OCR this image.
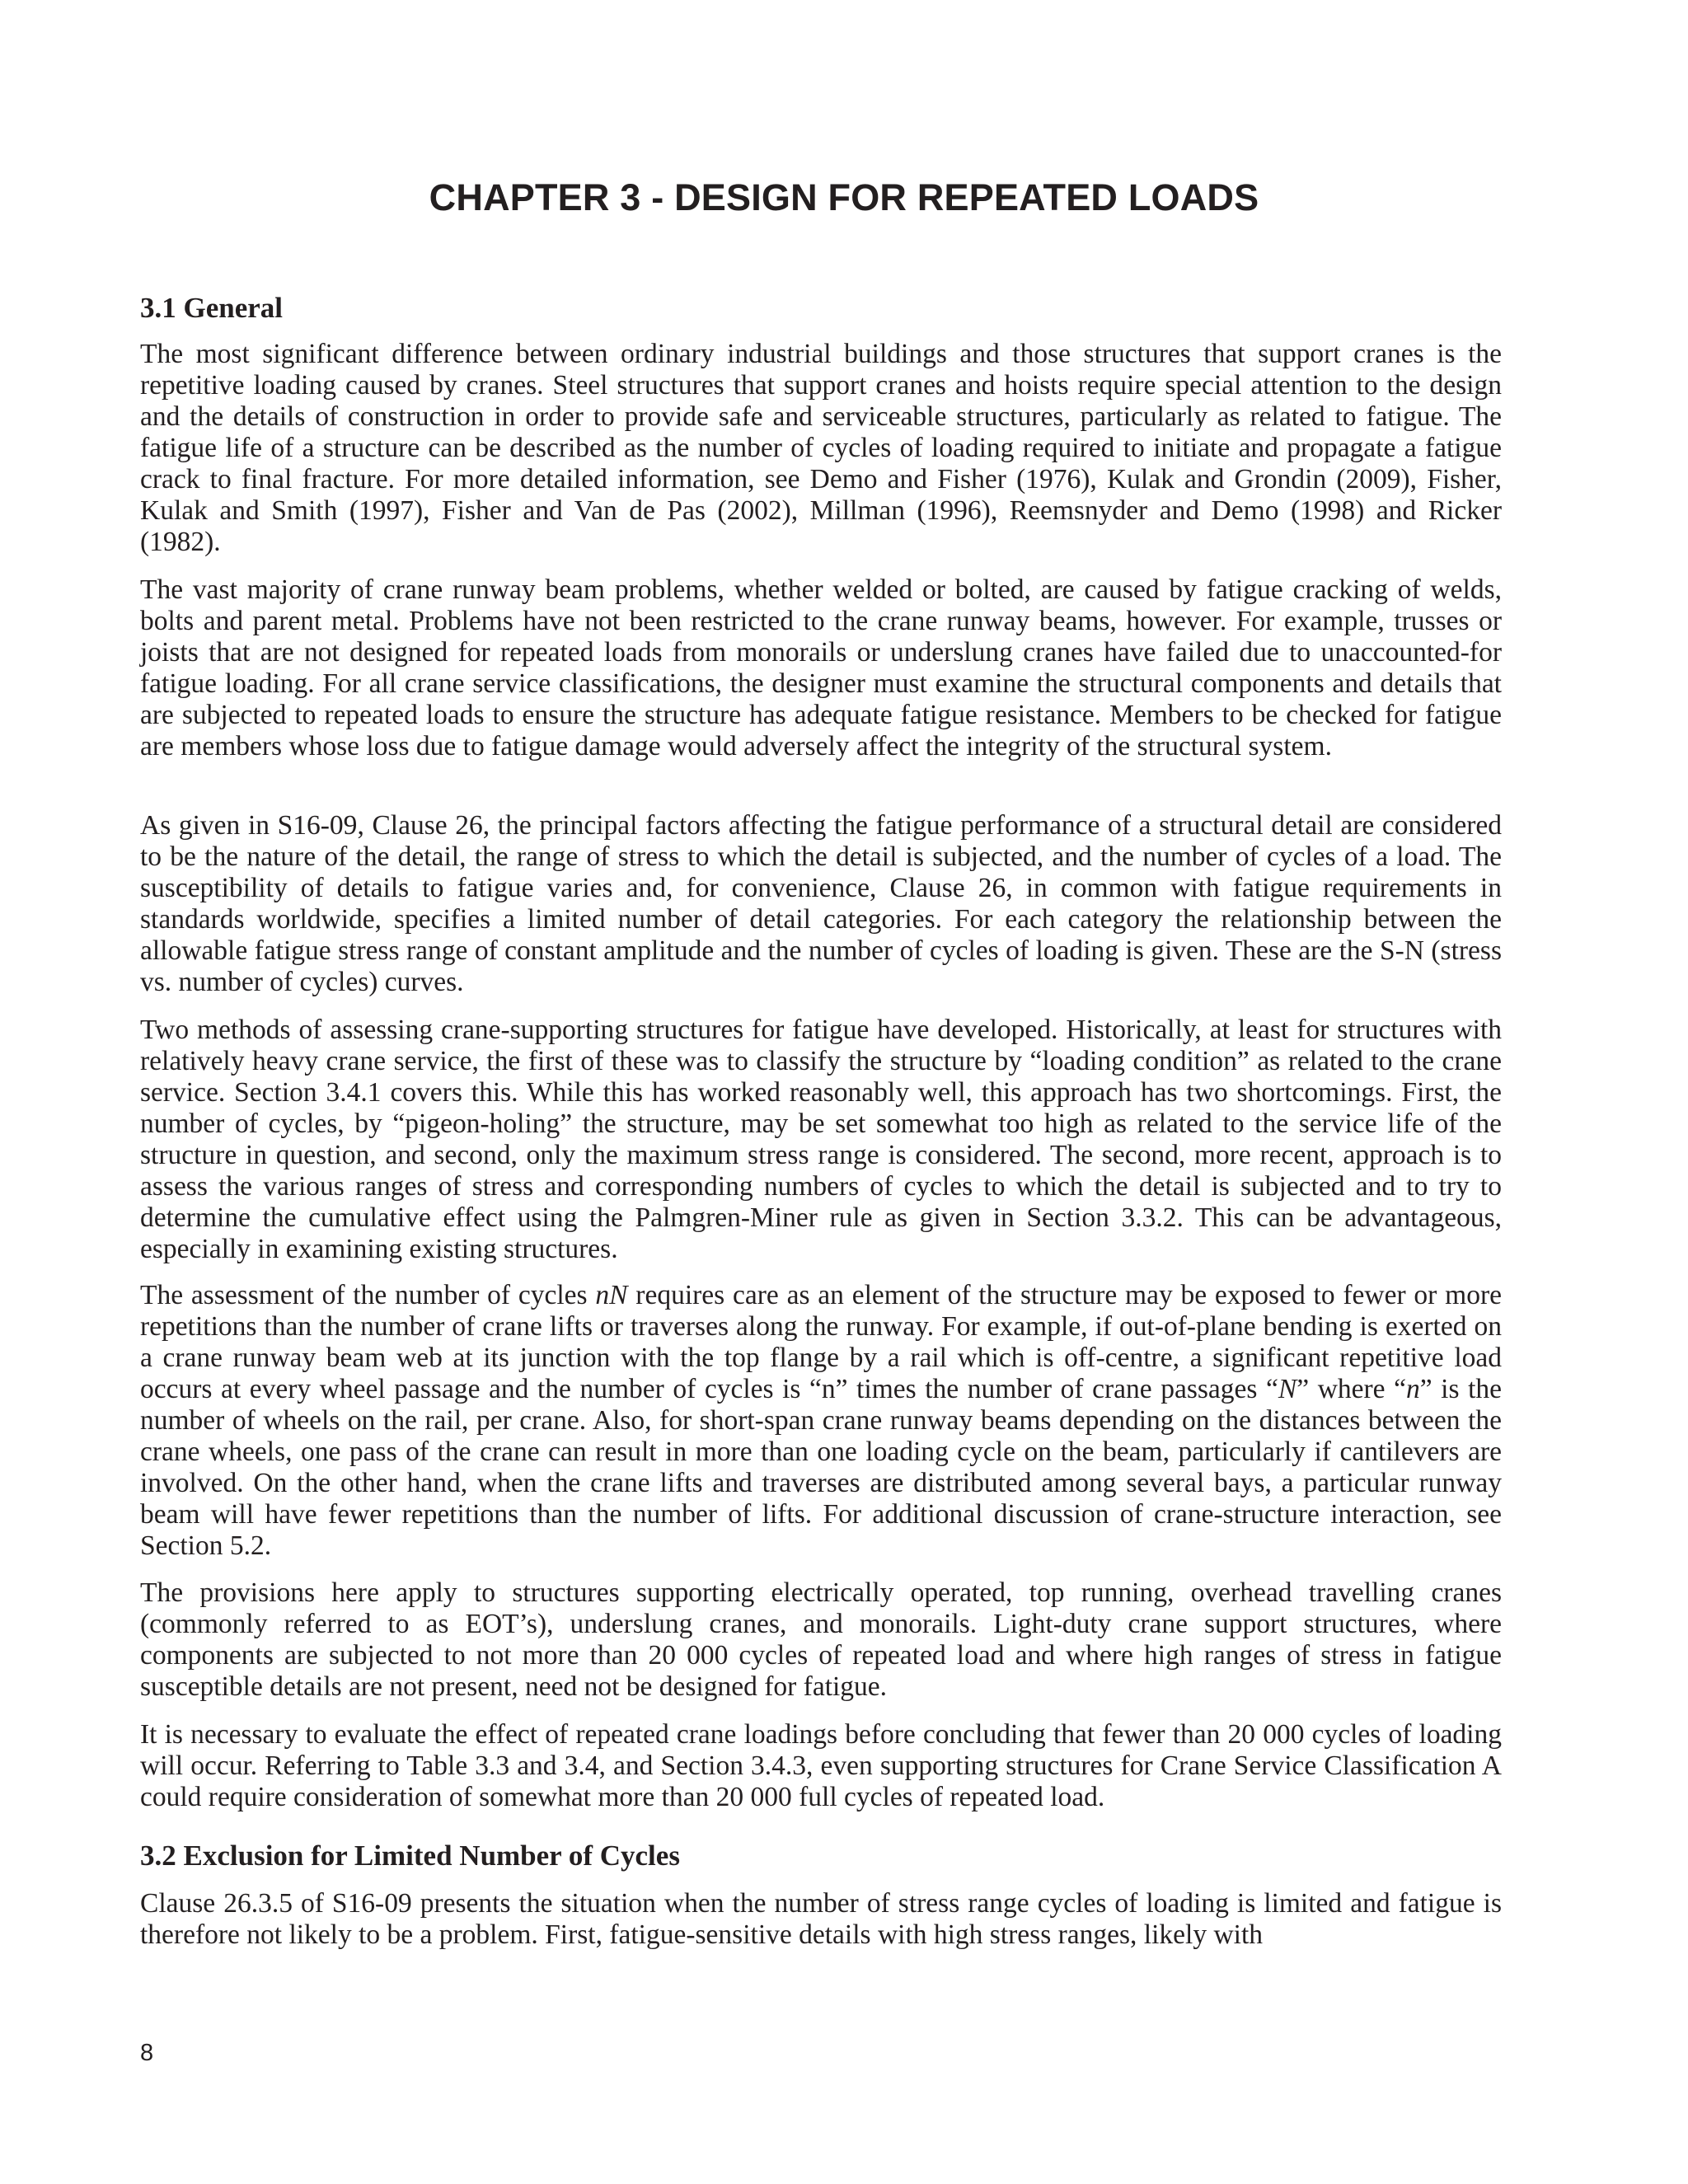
CHAPTER 3 - DESIGN FOR REPEATED LOADS
3.1 General

The most significant difference between ordinary industrial buildings and those structures that support cranes is the repetitive loading caused by cranes. Steel structures that support cranes and hoists require special attention to the design and the details of construction in order to provide safe and serviceable structures, particularly as related to fatigue. The fatigue life of a structure can be described as the number of cycles of loading required to initiate and propagate a fatigue crack to final fracture. For more detailed information, see Demo and Fisher (1976), Kulak and Grondin (2009), Fisher, Kulak and Smith (1997), Fisher and Van de Pas (2002), Millman (1996), Reemsnyder and Demo (1998) and Ricker (1982).

The vast majority of crane runway beam problems, whether welded or bolted, are caused by fatigue cracking of welds, bolts and parent metal. Problems have not been restricted to the crane runway beams, however. For example, trusses or joists that are not designed for repeated loads from monorails or underslung cranes have failed due to unaccounted-for fatigue loading. For all crane service classifications, the designer must examine the structural components and details that are subjected to repeated loads to ensure the structure has adequate fatigue resistance. Members to be checked for fatigue are members whose loss due to fatigue damage would adversely affect the integrity of the structural system.

As given in S16-09, Clause 26, the principal factors affecting the fatigue performance of a structural detail are considered to be the nature of the detail, the range of stress to which the detail is subjected, and the number of cycles of a load. The susceptibility of details to fatigue varies and, for convenience, Clause 26, in common with fatigue requirements in standards worldwide, specifies a limited number of detail categories. For each category the relationship between the allowable fatigue stress range of constant amplitude and the number of cycles of loading is given. These are the S-N (stress vs. number of cycles) curves.

Two methods of assessing crane-supporting structures for fatigue have developed. Historically, at least for structures with relatively heavy crane service, the first of these was to classify the structure by “loading condition” as related to the crane service. Section 3.4.1 covers this. While this has worked reasonably well, this approach has two shortcomings. First, the number of cycles, by “pigeon-holing” the structure, may be set somewhat too high as related to the service life of the structure in question, and second, only the maximum stress range is considered. The second, more recent, approach is to assess the various ranges of stress and corresponding numbers of cycles to which the detail is subjected and to try to determine the cumulative effect using the Palmgren-Miner rule as given in Section 3.3.2. This can be advantageous, especially in examining existing structures.

The assessment of the number of cycles nN requires care as an element of the structure may be exposed to fewer or more repetitions than the number of crane lifts or traverses along the runway. For example, if out-of-plane bending is exerted on a crane runway beam web at its junction with the top flange by a rail which is off-centre, a significant repetitive load occurs at every wheel passage and the number of cycles is “n” times the number of crane passages “N” where “n” is the number of wheels on the rail, per crane. Also, for short-span crane runway beams depending on the distances between the crane wheels, one pass of the crane can result in more than one loading cycle on the beam, particularly if cantilevers are involved. On the other hand, when the crane lifts and traverses are distributed among several bays, a particular runway beam will have fewer repetitions than the number of lifts. For additional discussion of crane-structure interaction, see Section 5.2.

The provisions here apply to structures supporting electrically operated, top running, overhead travelling cranes (commonly referred to as EOT’s), underslung cranes, and monorails. Light-duty crane support structures, where components are subjected to not more than 20 000 cycles of repeated load and where high ranges of stress in fatigue susceptible details are not present, need not be designed for fatigue.

It is necessary to evaluate the effect of repeated crane loadings before concluding that fewer than 20 000 cycles of loading will occur. Referring to Table 3.3 and 3.4, and Section 3.4.3, even supporting structures for Crane Service Classification A could require consideration of somewhat more than 20 000 full cycles of repeated load.

3.2 Exclusion for Limited Number of Cycles

Clause 26.3.5 of S16-09 presents the situation when the number of stress range cycles of loading is limited and fatigue is therefore not likely to be a problem. First, fatigue-sensitive details with high stress ranges, likely with

8
